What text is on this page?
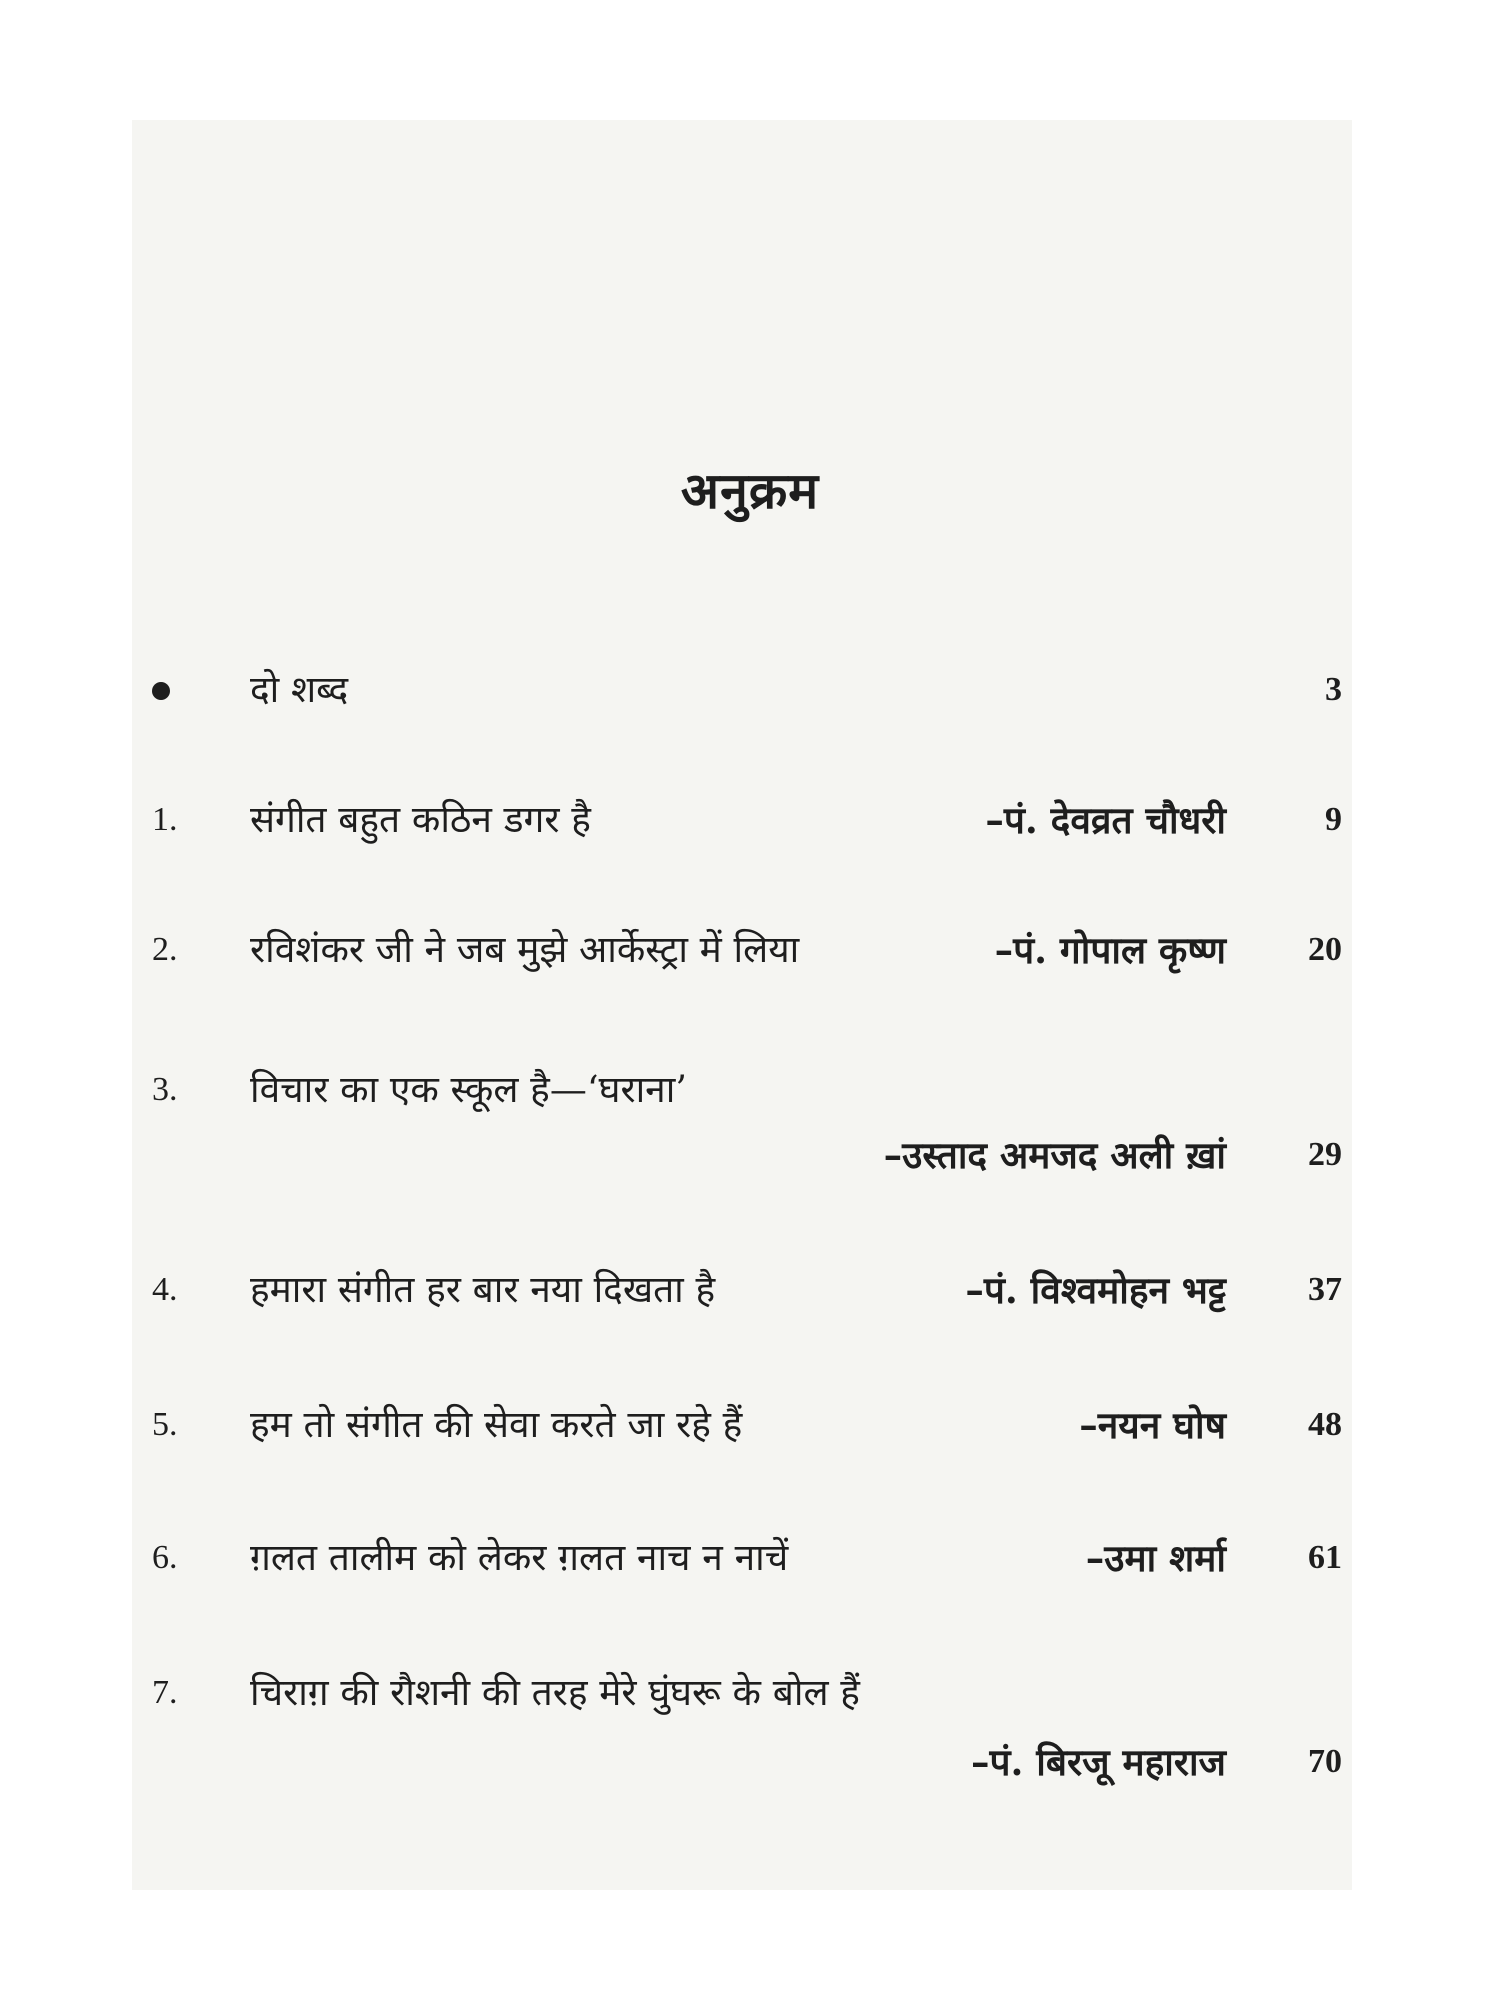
अनुक्रम
दो शब्द	3
1. संगीत बहुत कठिन डगर है	–पं. देवव्रत चौधरी	9
2. रविशंकर जी ने जब मुझे आर्केस्ट्रा में लिया	–पं. गोपाल कृष्ण 20
3. विचार का एक स्कूल है—‘घराना’
–उस्ताद अमजद अली ख़ां 29
4. हमारा संगीत हर बार नया दिखता है	–पं. विश्वमोहन भट्ट 37
5. हम तो संगीत की सेवा करते जा रहे हैं	–नयन घोष 48
6. ग़लत तालीम को लेकर ग़लत नाच न नाचें	–उमा शर्मा 61
7. चिराग़ की रौशनी की तरह मेरे घुंघरू के बोल हैं
–पं. बिरजू महाराज 70
